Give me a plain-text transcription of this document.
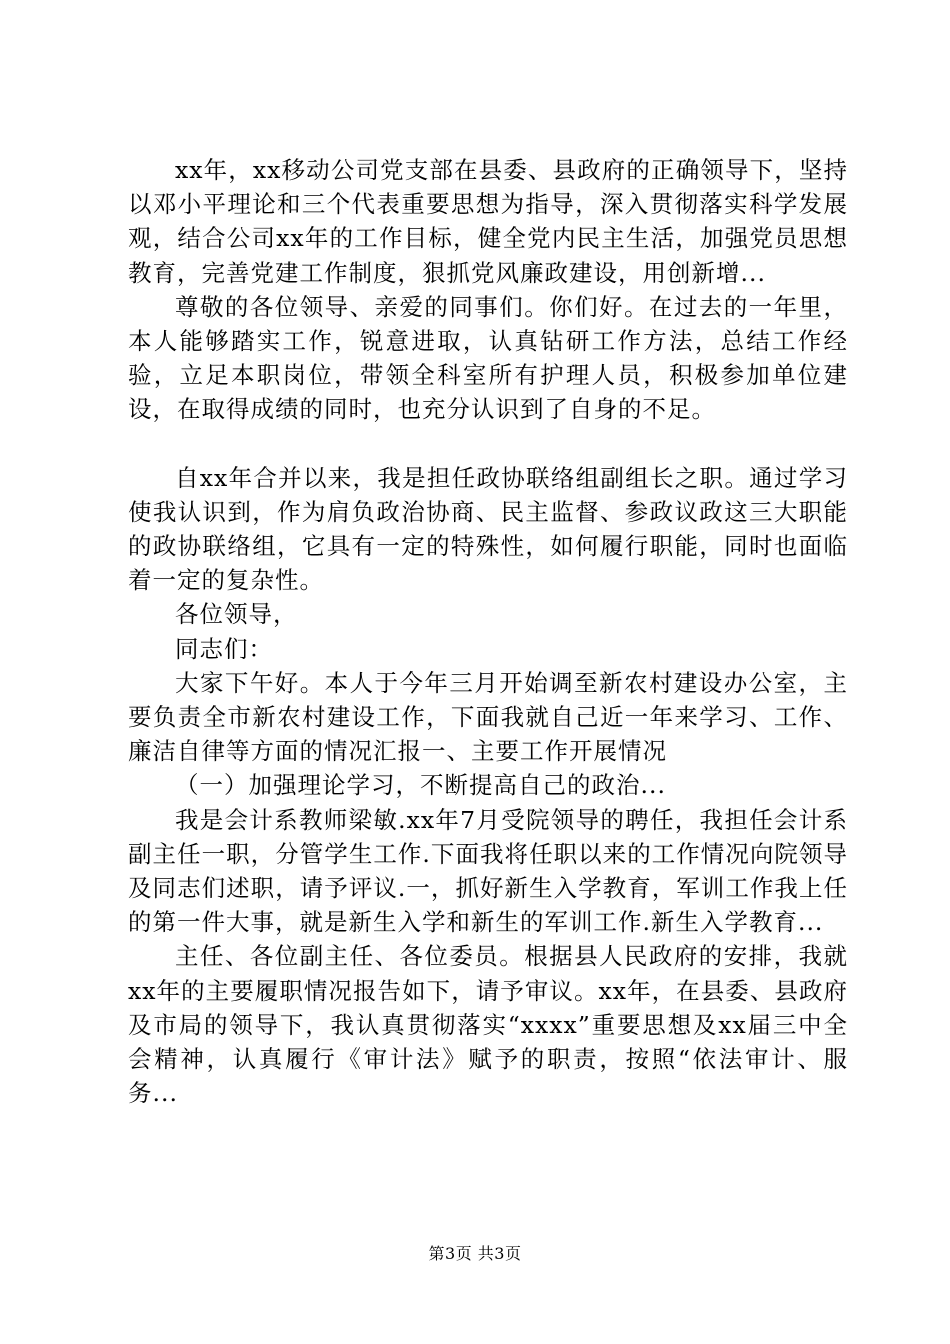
xx年，xx移动公司党支部在县委、县政府的正确领导下，坚持以邓小平理论和三个代表重要思想为指导，深入贯彻落实科学发展观，结合公司xx年的工作目标，健全党内民主生活，加强党员思想教育，完善党建工作制度，狠抓党风廉政建设，用创新增...

尊敬的各位领导、亲爱的同事们。你们好。在过去的一年里，本人能够踏实工作，锐意进取，认真钻研工作方法，总结工作经验，立足本职岗位，带领全科室所有护理人员，积极参加单位建设，在取得成绩的同时，也充分认识到了自身的不足。

自xx年合并以来，我是担任政协联络组副组长之职。通过学习使我认识到，作为肩负政治协商、民主监督、参政议政这三大职能的政协联络组，它具有一定的特殊性，如何履行职能，同时也面临着一定的复杂性。

各位领导，

同志们：

大家下午好。本人于今年三月开始调至新农村建设办公室，主要负责全市新农村建设工作，下面我就自己近一年来学习、工作、廉洁自律等方面的情况汇报一、主要工作开展情况

（一）加强理论学习，不断提高自己的政治...

我是会计系教师梁敏.xx年7月受院领导的聘任，我担任会计系副主任一职，分管学生工作.下面我将任职以来的工作情况向院领导及同志们述职，请予评议.一，抓好新生入学教育，军训工作我上任的第一件大事，就是新生入学和新生的军训工作.新生入学教育...

主任、各位副主任、各位委员。根据县人民政府的安排，我就xx年的主要履职情况报告如下，请予审议。xx年，在县委、县政府及市局的领导下，我认真贯彻落实“xxxx”重要思想及xx届三中全会精神，认真履行《审计法》赋予的职责，按照“依法审计、服务...

第3页 共3页
